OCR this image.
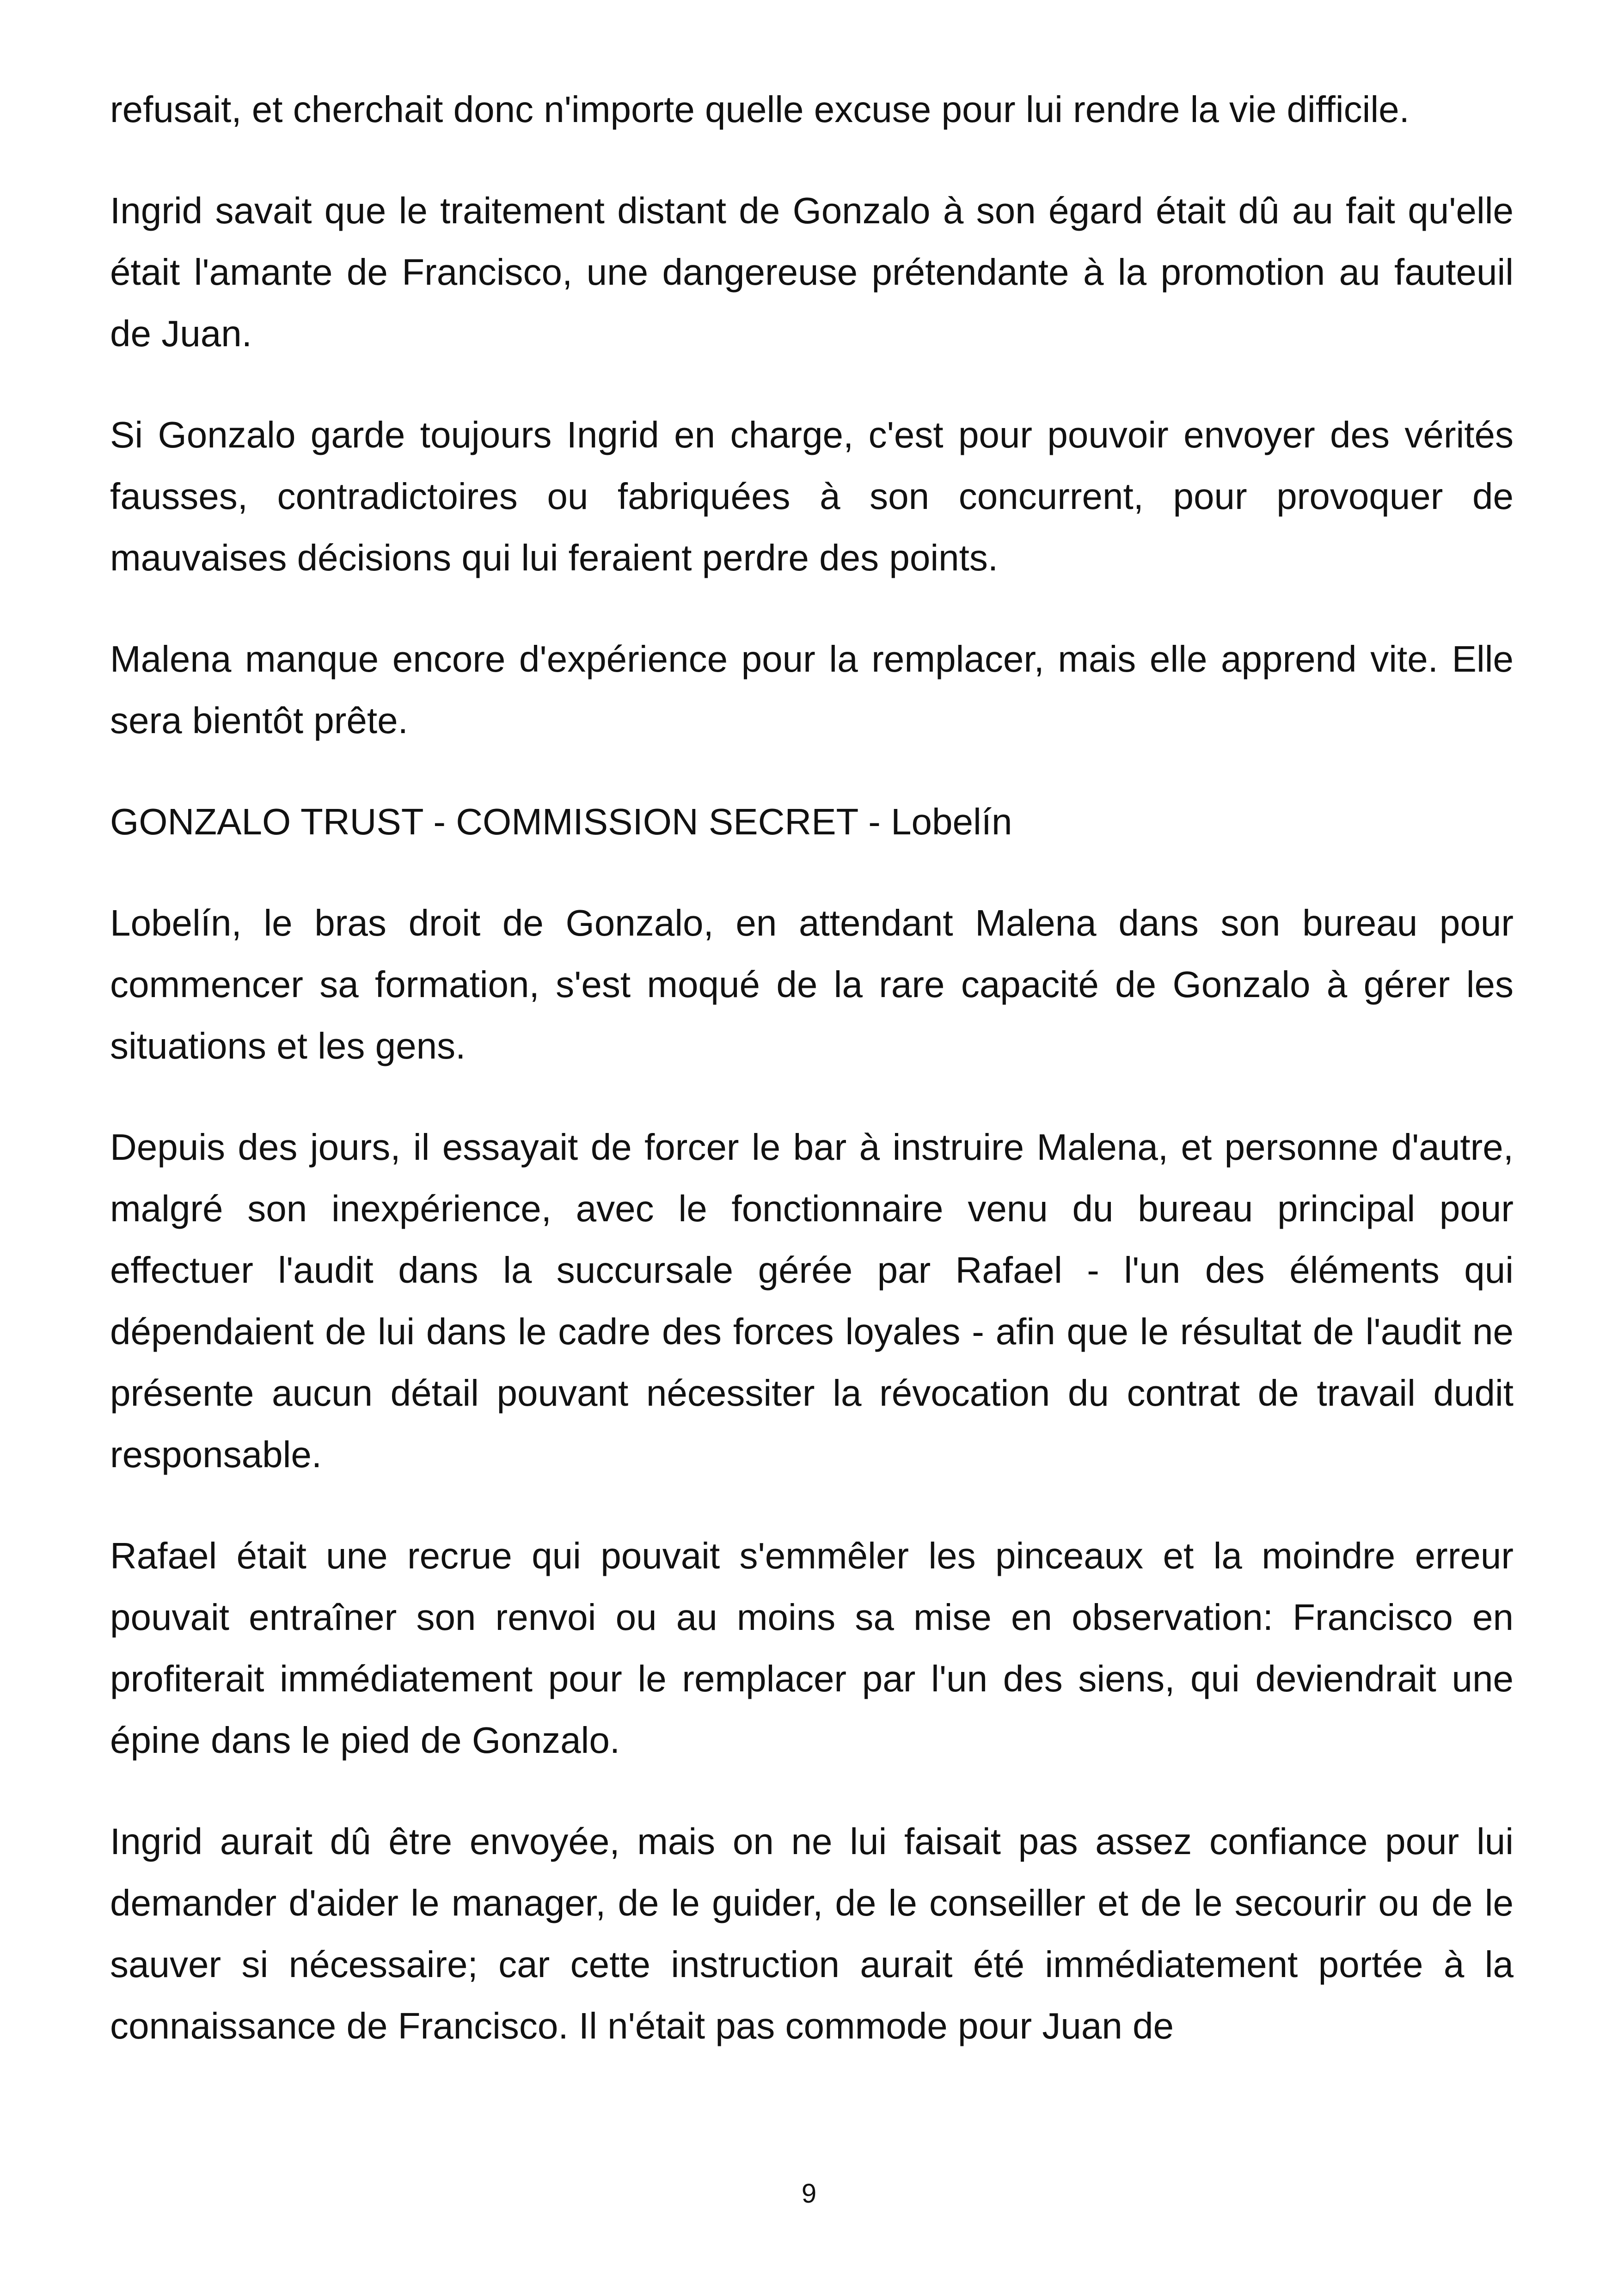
refusait, et cherchait donc n'importe quelle excuse pour lui rendre la vie difficile.

Ingrid savait que le traitement distant de Gonzalo à son égard était dû au fait qu'elle était l'amante de Francisco, une dangereuse prétendante à la promotion au fauteuil de Juan.

Si Gonzalo garde toujours Ingrid en charge, c'est pour pouvoir envoyer des vérités fausses, contradictoires ou fabriquées à son concurrent, pour provoquer de mauvaises décisions qui lui feraient perdre des points.

Malena manque encore d'expérience pour la remplacer, mais elle apprend vite. Elle sera bientôt prête.

GONZALO TRUST - COMMISSION SECRET - Lobelín

Lobelín, le bras droit de Gonzalo, en attendant Malena dans son bureau pour commencer sa formation, s'est moqué de la rare capacité de Gonzalo à gérer les situations et les gens.

Depuis des jours, il essayait de forcer le bar à instruire Malena, et personne d'autre, malgré son inexpérience, avec le fonctionnaire venu du bureau principal pour effectuer l'audit dans la succursale gérée par Rafael - l'un des éléments qui dépendaient de lui dans le cadre des forces loyales - afin que le résultat de l'audit ne présente aucun détail pouvant nécessiter la révocation du contrat de travail dudit responsable.

Rafael était une recrue qui pouvait s'emmêler les pinceaux et la moindre erreur pouvait entraîner son renvoi ou au moins sa mise en observation: Francisco en profiterait immédiatement pour le remplacer par l'un des siens, qui deviendrait une épine dans le pied de Gonzalo.

Ingrid aurait dû être envoyée, mais on ne lui faisait pas assez confiance pour lui demander d'aider le manager, de le guider, de le conseiller et de le secourir ou de le sauver si nécessaire; car cette instruction aurait été immédiatement portée à la connaissance de Francisco. Il n'était pas commode pour Juan de

9
